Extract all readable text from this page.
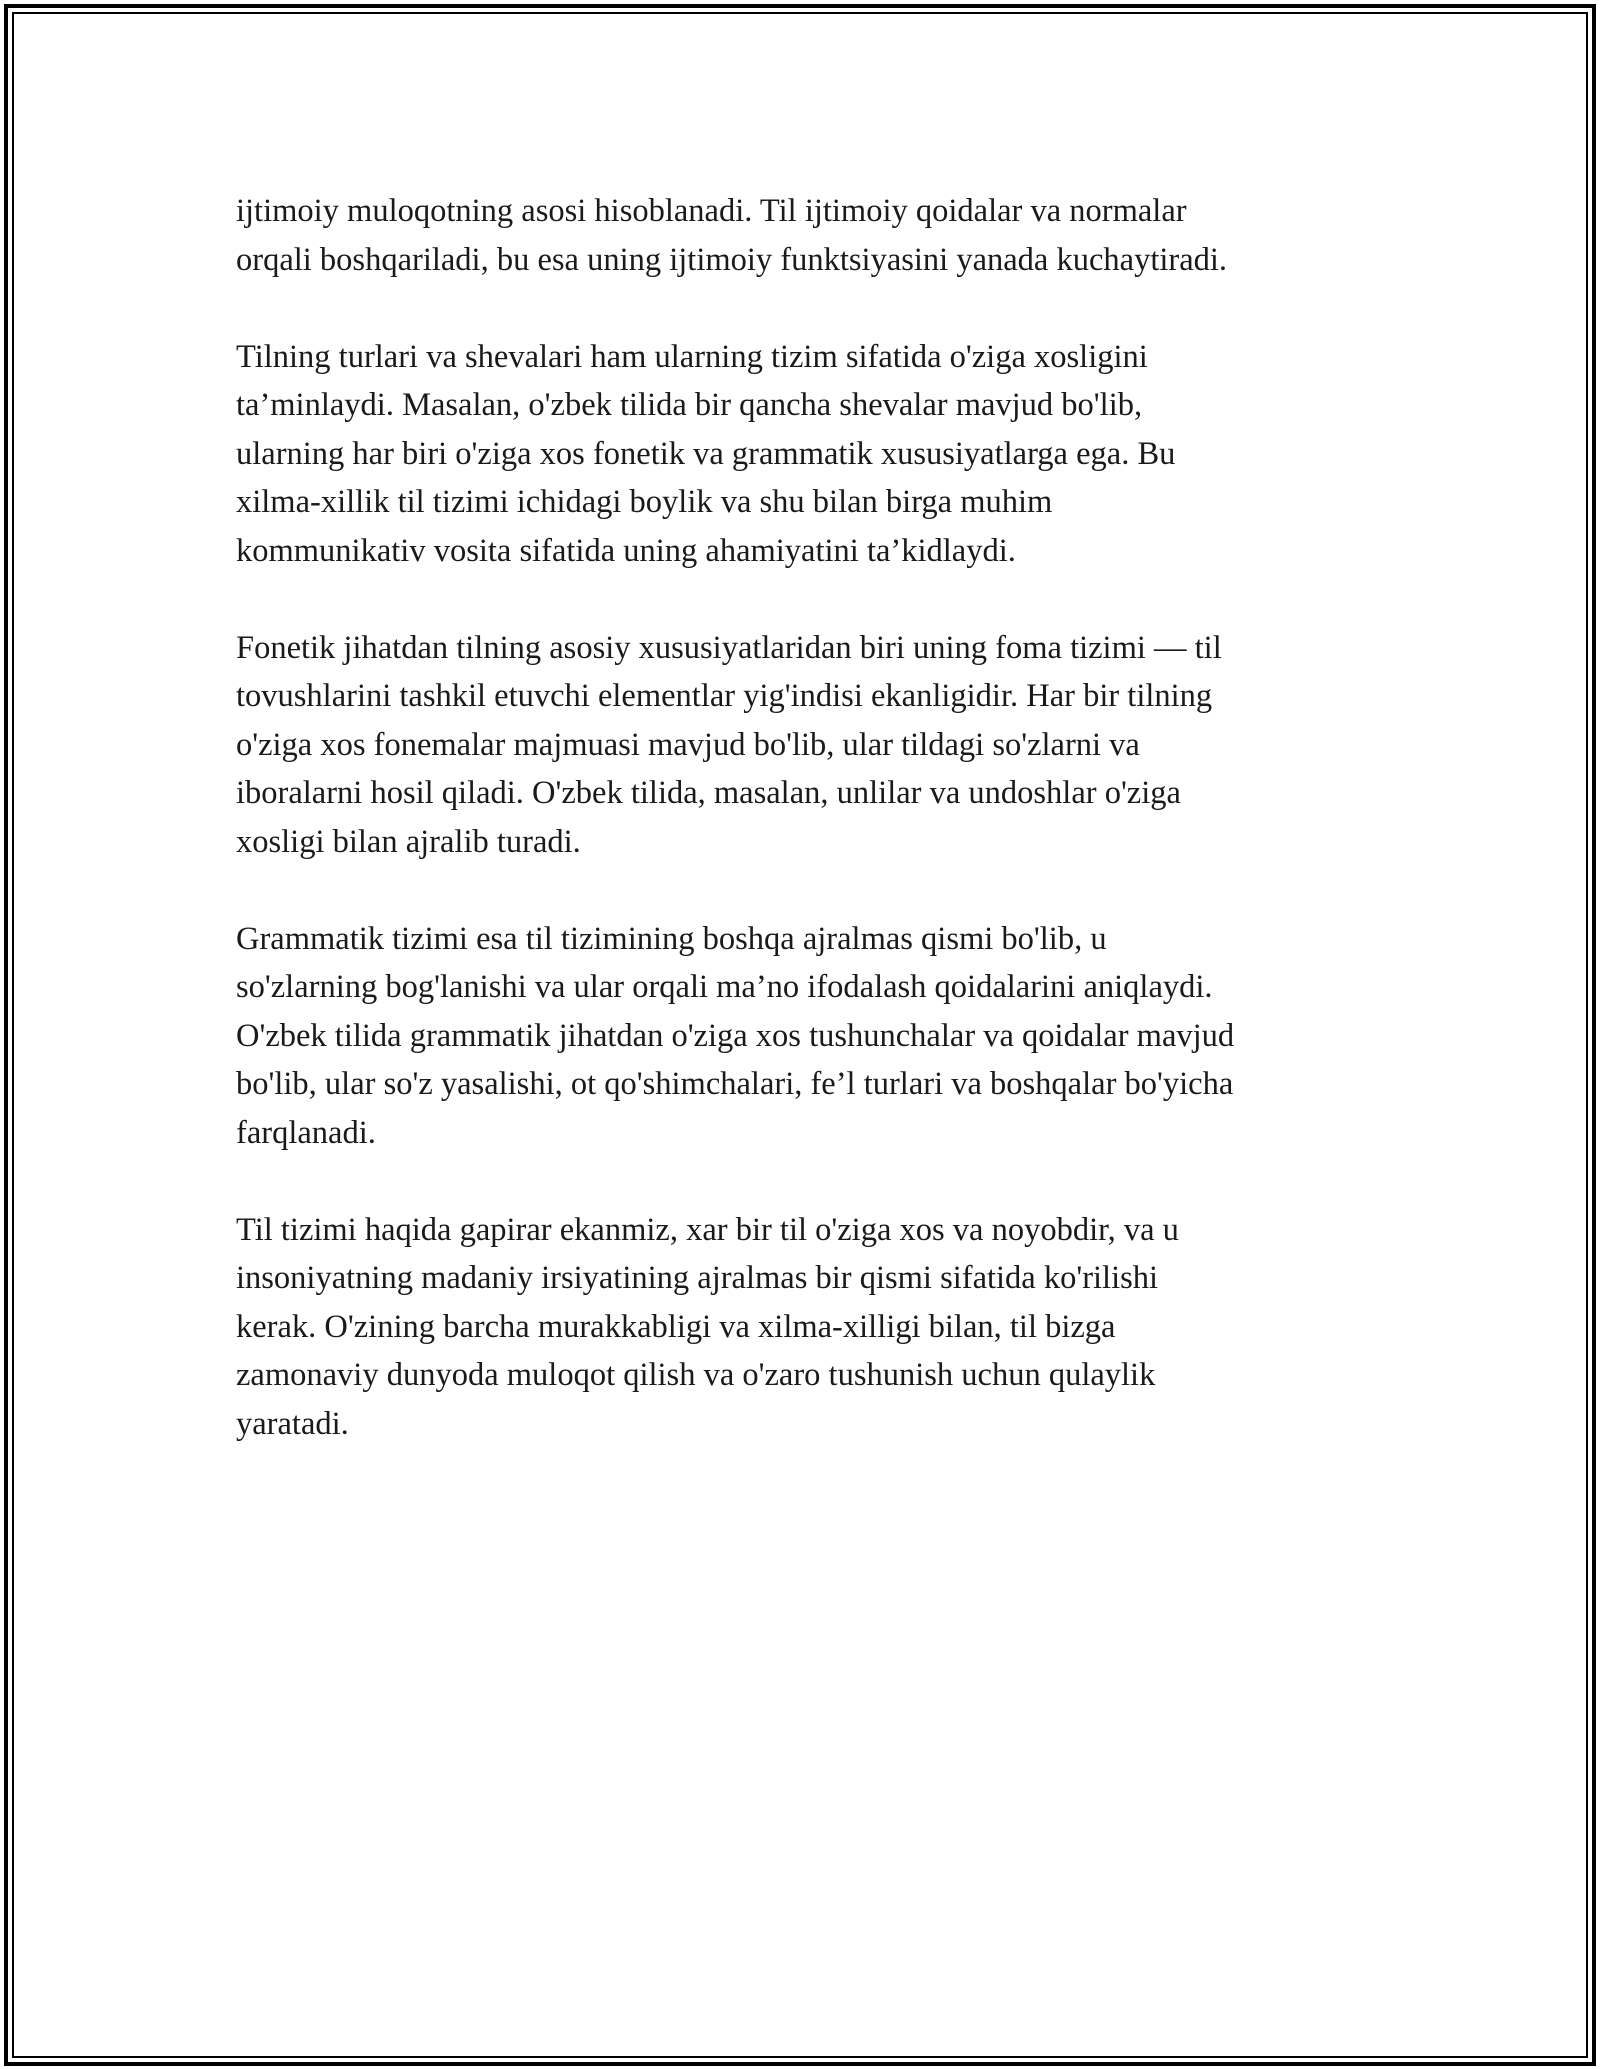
ijtimoiy muloqotning asosi hisoblanadi. Til ijtimoiy qoidalar va normalar
orqali boshqariladi, bu esa uning ijtimoiy funktsiyasini yanada kuchaytiradi.

Tilning turlari va shevalari ham ularning tizim sifatida o'ziga xosligini
ta’minlaydi. Masalan, o'zbek tilida bir qancha shevalar mavjud bo'lib,
ularning har biri o'ziga xos fonetik va grammatik xususiyatlarga ega. Bu
xilma-xillik til tizimi ichidagi boylik va shu bilan birga muhim
kommunikativ vosita sifatida uning ahamiyatini ta’kidlaydi.

Fonetik jihatdan tilning asosiy xususiyatlaridan biri uning foma tizimi — til
tovushlarini tashkil etuvchi elementlar yig'indisi ekanligidir. Har bir tilning
o'ziga xos fonemalar majmuasi mavjud bo'lib, ular tildagi so'zlarni va
iboralarni hosil qiladi. O'zbek tilida, masalan, unlilar va undoshlar o'ziga
xosligi bilan ajralib turadi.

Grammatik tizimi esa til tizimining boshqa ajralmas qismi bo'lib, u
so'zlarning bog'lanishi va ular orqali ma’no ifodalash qoidalarini aniqlaydi.
O'zbek tilida grammatik jihatdan o'ziga xos tushunchalar va qoidalar mavjud
bo'lib, ular so'z yasalishi, ot qo'shimchalari, fe’l turlari va boshqalar bo'yicha
farqlanadi.

Til tizimi haqida gapirar ekanmiz, xar bir til o'ziga xos va noyobdir, va u
insoniyatning madaniy irsiyatining ajralmas bir qismi sifatida ko'rilishi
kerak. O'zining barcha murakkabligi va xilma-xilligi bilan, til bizga
zamonaviy dunyoda muloqot qilish va o'zaro tushunish uchun qulaylik
yaratadi.
